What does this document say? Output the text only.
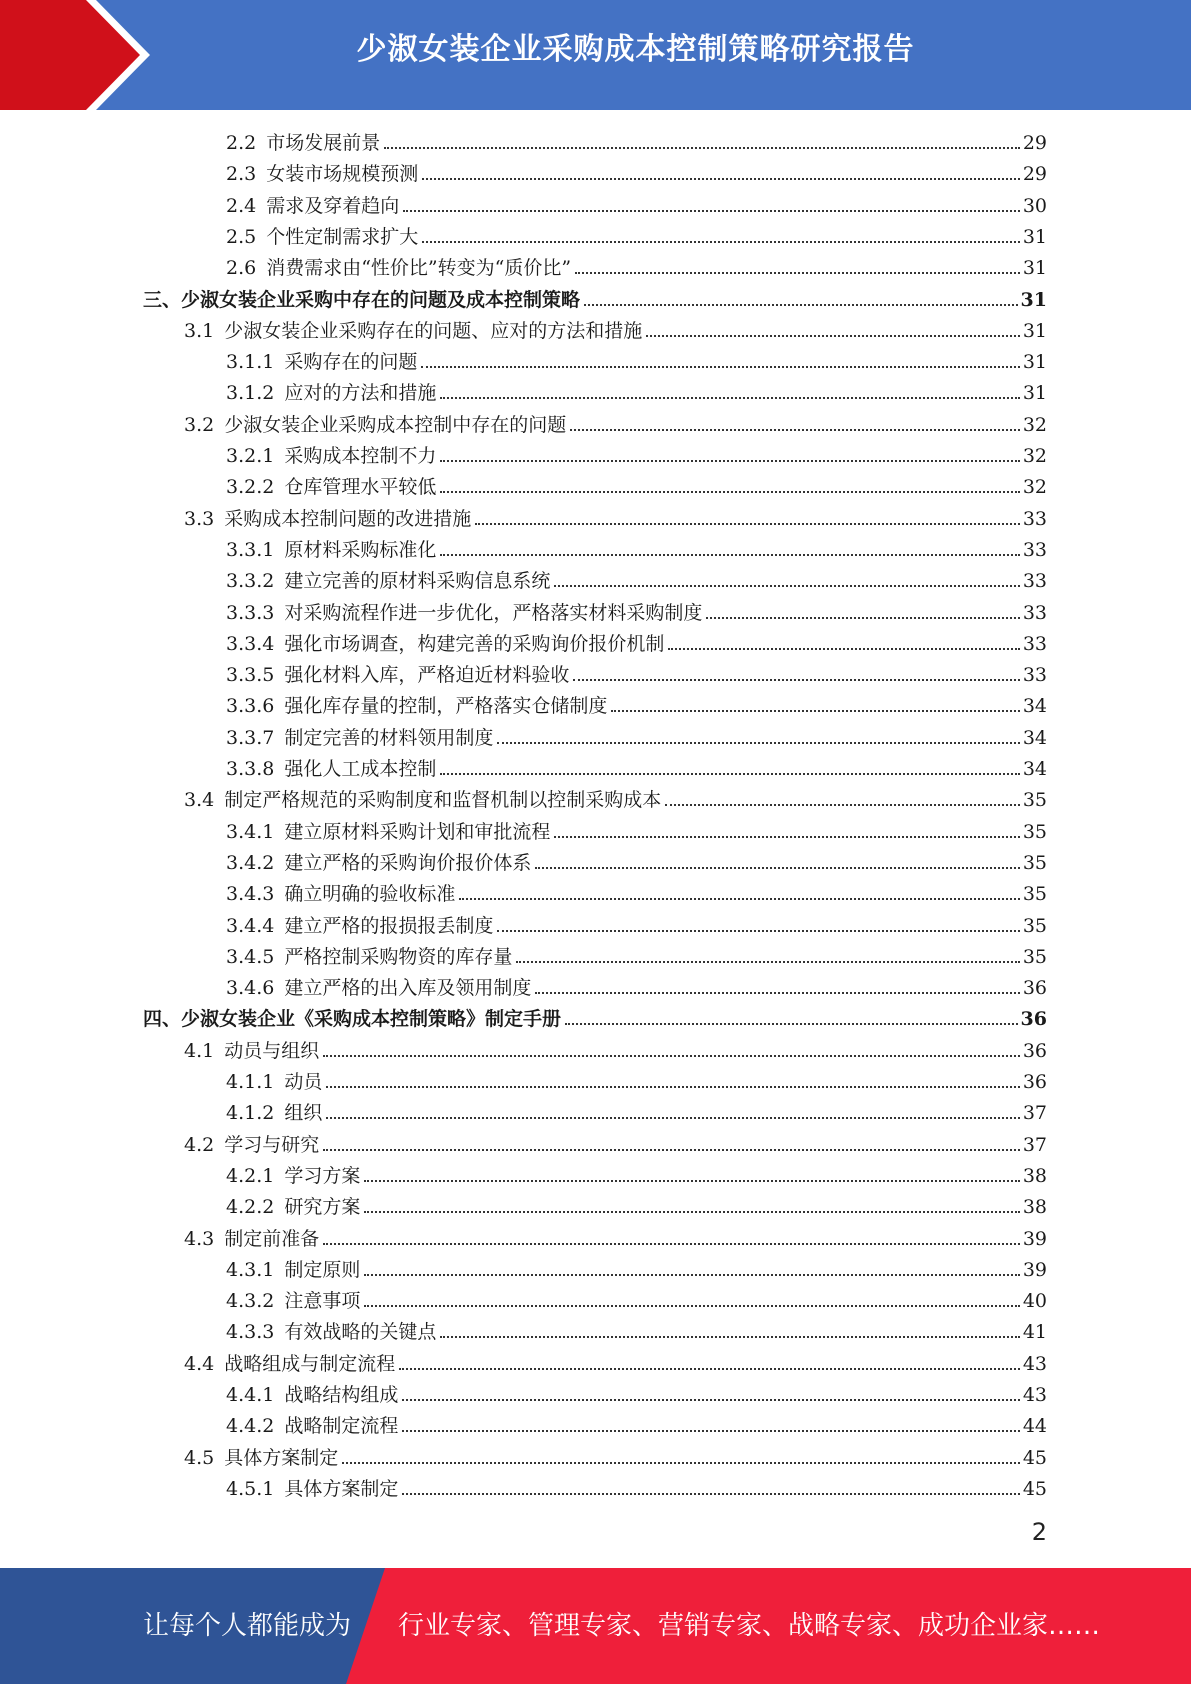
少淑女装企业采购成本控制策略研究报告
2.2 市场发展前景	29
2.3 女装市场规模预测	29
2.4 需求及穿着趋向	30
2.5 个性定制需求扩大	31
2.6 消费需求由“性价比”转变为“质价比”	31
三、 少淑女装企业采购中存在的问题及成本控制策略	31
3.1 少淑女装企业采购存在的问题、应对的方法和措施	31
3.1.1 采购存在的问题	31
3.1.2 应对的方法和措施	31
3.2 少淑女装企业采购成本控制中存在的问题	32
3.2.1 采购成本控制不力	32
3.2.2 仓库管理水平较低	32
3.3 采购成本控制问题的改进措施	33
3.3.1 原材料采购标准化	33
3.3.2 建立完善的原材料采购信息系统	33
3.3.3 对采购流程作进一步优化，严格落实材料采购制度	33
3.3.4 强化市场调查，构建完善的采购询价报价机制	33
3.3.5 强化材料入库，严格迫近材料验收	33
3.3.6 强化库存量的控制，严格落实仓储制度	34
3.3.7 制定完善的材料领用制度	34
3.3.8 强化人工成本控制	34
3.4 制定严格规范的采购制度和监督机制以控制采购成本	35
3.4.1 建立原材料采购计划和审批流程	35
3.4.2 建立严格的采购询价报价体系	35
3.4.3 确立明确的验收标准	35
3.4.4 建立严格的报损报丢制度	35
3.4.5 严格控制采购物资的库存量	35
3.4.6 建立严格的出入库及领用制度	36
四、 少淑女装企业《采购成本控制策略》制定手册	36
4.1 动员与组织	36
4.1.1 动员	36
4.1.2 组织	37
4.2 学习与研究	37
4.2.1 学习方案	38
4.2.2 研究方案	38
4.3 制定前准备	39
4.3.1 制定原则	39
4.3.2 注意事项	40
4.3.3 有效战略的关键点	41
4.4 战略组成与制定流程	43
4.4.1 战略结构组成	43
4.4.2 战略制定流程	44
4.5 具体方案制定	45
4.5.1 具体方案制定	45
2
让每个人都能成为 行业专家、管理专家、营销专家、战略专家、成功企业家……
